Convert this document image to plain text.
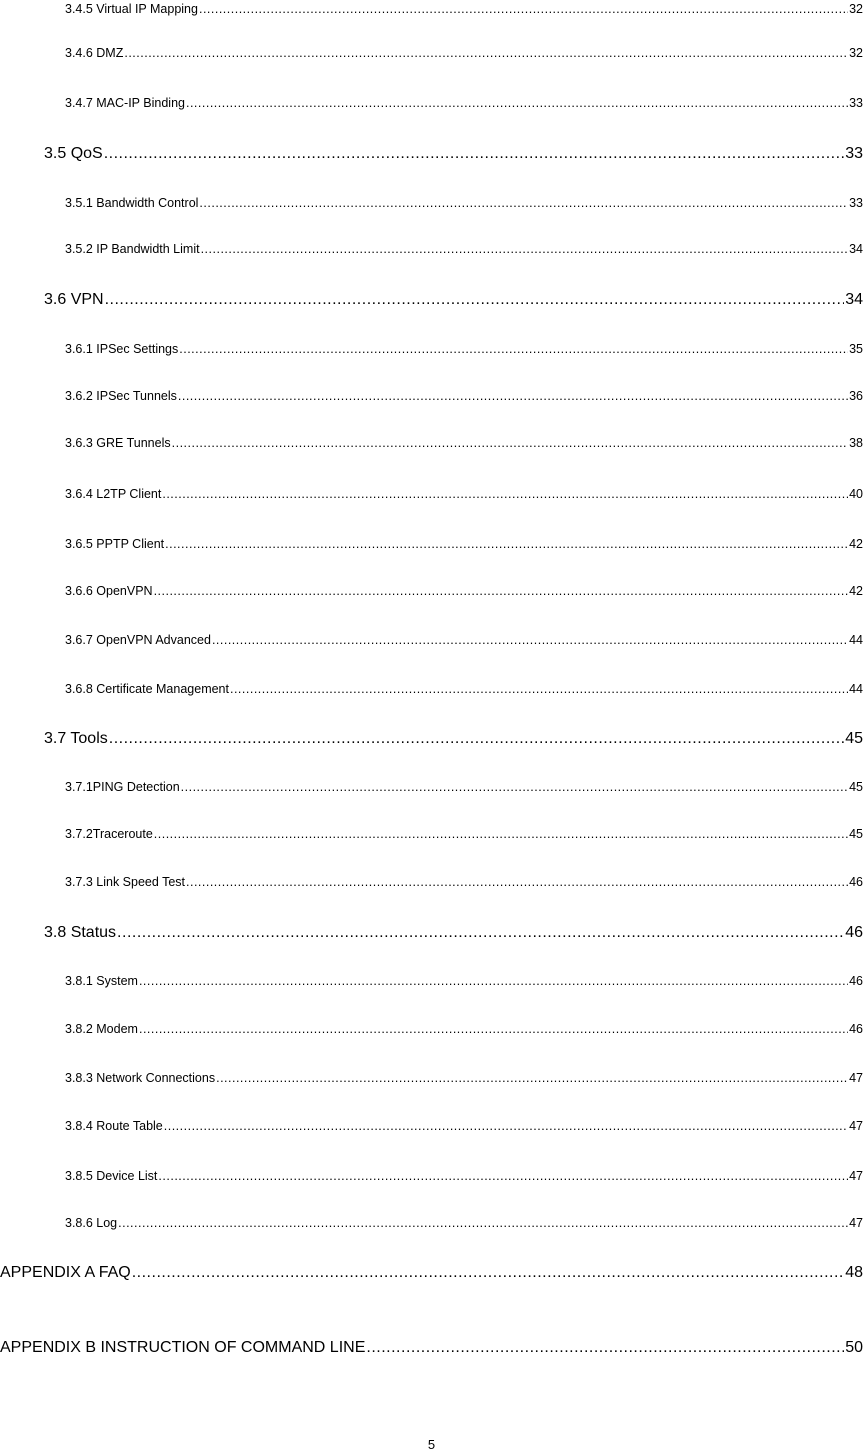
3.4.5 Virtual IP Mapping .....	32
3.4.6 DMZ .....	32
3.4.7 MAC-IP Binding .....	33
3.5 QoS .....	33
3.5.1 Bandwidth Control .....	33
3.5.2 IP Bandwidth Limit .....	34
3.6 VPN .....	34
3.6.1 IPSec Settings .....	35
3.6.2 IPSec Tunnels .....	36
3.6.3 GRE Tunnels .....	38
3.6.4 L2TP Client .....	40
3.6.5 PPTP Client .....	42
3.6.6 OpenVPN .....	42
3.6.7 OpenVPN Advanced .....	44
3.6.8 Certificate Management .....	44
3.7 Tools .....	45
3.7.1PING Detection .....	45
3.7.2Traceroute .....	45
3.7.3 Link Speed Test .....	46
3.8 Status .....	46
3.8.1 System .....	46
3.8.2 Modem .....	46
3.8.3 Network Connections .....	47
3.8.4 Route Table .....	47
3.8.5 Device List .....	47
3.8.6 Log .....	47
APPENDIX A FAQ .....	48
APPENDIX B INSTRUCTION OF COMMAND LINE .....	50
5
